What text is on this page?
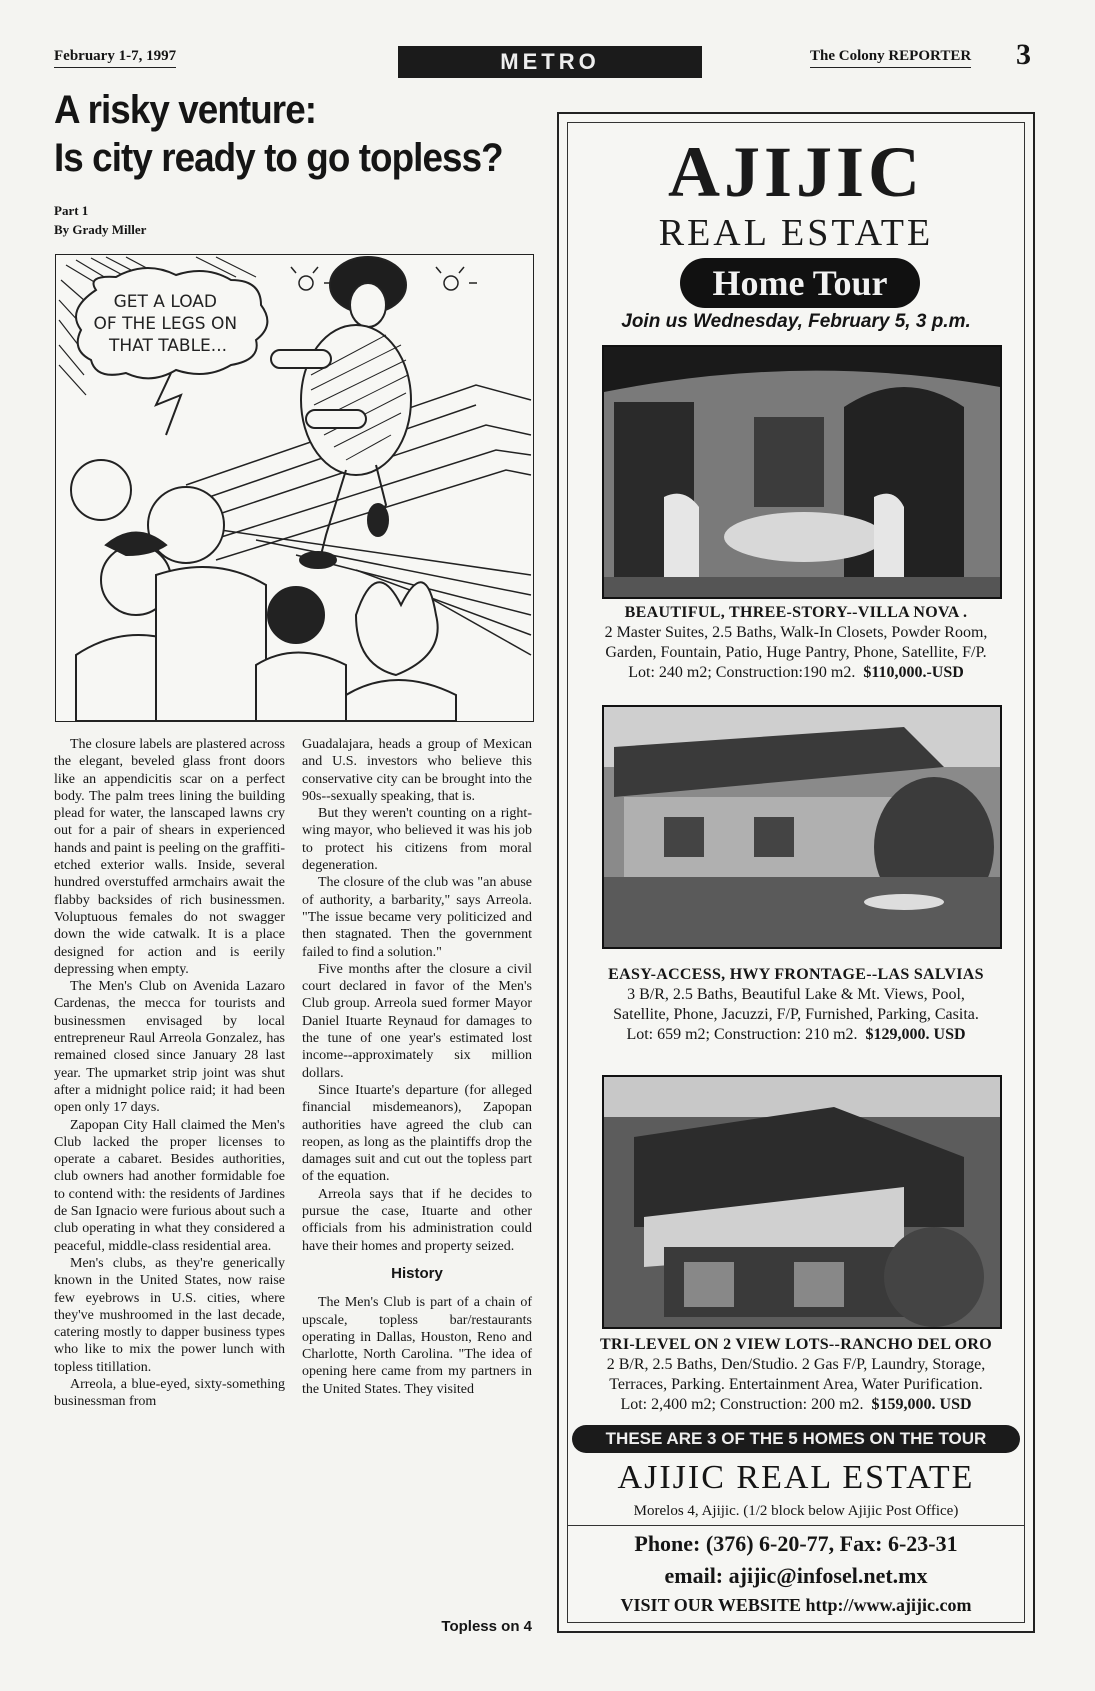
February 1-7, 1997	METRO	The Colony REPORTER 3
A risky venture:
Is city ready to go topless?
Part 1
By Grady Miller
GET A LOAD OF THE LEGS ON THAT TABLE...

The closure labels are plastered across the elegant, beveled glass front doors like an appendicitis scar on a perfect body. The palm trees lining the building plead for water, the lanscaped lawns cry out for a pair of shears in experienced hands and paint is peeling on the graffiti-etched exterior walls. Inside, several hundred overstuffed armchairs await the flabby backsides of rich businessmen. Voluptuous females do not swagger down the wide catwalk. It is a place designed for action and is eerily depressing when empty.

The Men's Club on Avenida Lazaro Cardenas, the mecca for tourists and businessmen envisaged by local entrepreneur Raul Arreola Gonzalez, has remained closed since January 28 last year. The upmarket strip joint was shut after a midnight police raid; it had been open only 17 days.

Zapopan City Hall claimed the Men's Club lacked the proper licenses to operate a cabaret. Besides authorities, club owners had another formidable foe to contend with: the residents of Jardines de San Ignacio were furious about such a club operating in what they considered a peaceful, middle-class residential area.

Men's clubs, as they're generically known in the United States, now raise few eyebrows in U.S. cities, where they've mushroomed in the last decade, catering mostly to dapper business types who like to mix the power lunch with topless titillation.

Arreola, a blue-eyed, sixty-something businessman from

Guadalajara, heads a group of Mexican and U.S. investors who believe this conservative city can be brought into the 90s--sexually speaking, that is.

But they weren't counting on a right-wing mayor, who believed it was his job to protect his citizens from moral degeneration.

The closure of the club was "an abuse of authority, a barbarity," says Arreola. "The issue became very politicized and then stagnated. Then the government failed to find a solution."

Five months after the closure a civil court declared in favor of the Men's Club group. Arreola sued former Mayor Daniel Ituarte Reynaud for damages to the tune of one year's estimated lost income--approximately six million dollars.

Since Ituarte's departure (for alleged financial misdemeanors), Zapopan authorities have agreed the club can reopen, as long as the plaintiffs drop the damages suit and cut out the topless part of the equation.

Arreola says that if he decides to pursue the case, Ituarte and other officials from his administration could have their homes and property seized.

History

The Men's Club is part of a chain of upscale, topless bar/restaurants operating in Dallas, Houston, Reno and Charlotte, North Carolina. "The idea of opening here came from my partners in the United States. They visited

Topless on 4
AJIJIC
REAL ESTATE
Home Tour
Join us Wednesday, February 5, 3 p.m.
BEAUTIFUL, THREE-STORY--VILLA NOVA .
2 Master Suites, 2.5 Baths, Walk-In Closets, Powder Room,
Garden, Fountain, Patio, Huge Pantry, Phone, Satellite, F/P.
Lot: 240 m2; Construction:190 m2. $110,000.-USD
EASY-ACCESS, HWY FRONTAGE--LAS SALVIAS
3 B/R, 2.5 Baths, Beautiful Lake & Mt. Views, Pool,
Satellite, Phone, Jacuzzi, F/P, Furnished, Parking, Casita.
Lot: 659 m2; Construction: 210 m2. $129,000. USD
TRI-LEVEL ON 2 VIEW LOTS--RANCHO DEL ORO
2 B/R, 2.5 Baths, Den/Studio. 2 Gas F/P, Laundry, Storage,
Terraces, Parking. Entertainment Area, Water Purification.
Lot: 2,400 m2; Construction: 200 m2. $159,000. USD
THESE ARE 3 OF THE 5 HOMES ON THE TOUR
AJIJIC REAL ESTATE
Morelos 4, Ajijic. (1/2 block below Ajijic Post Office)
Phone: (376) 6-20-77, Fax: 6-23-31
email: ajijic@infosel.net.mx
VISIT OUR WEBSITE http://www.ajijic.com
